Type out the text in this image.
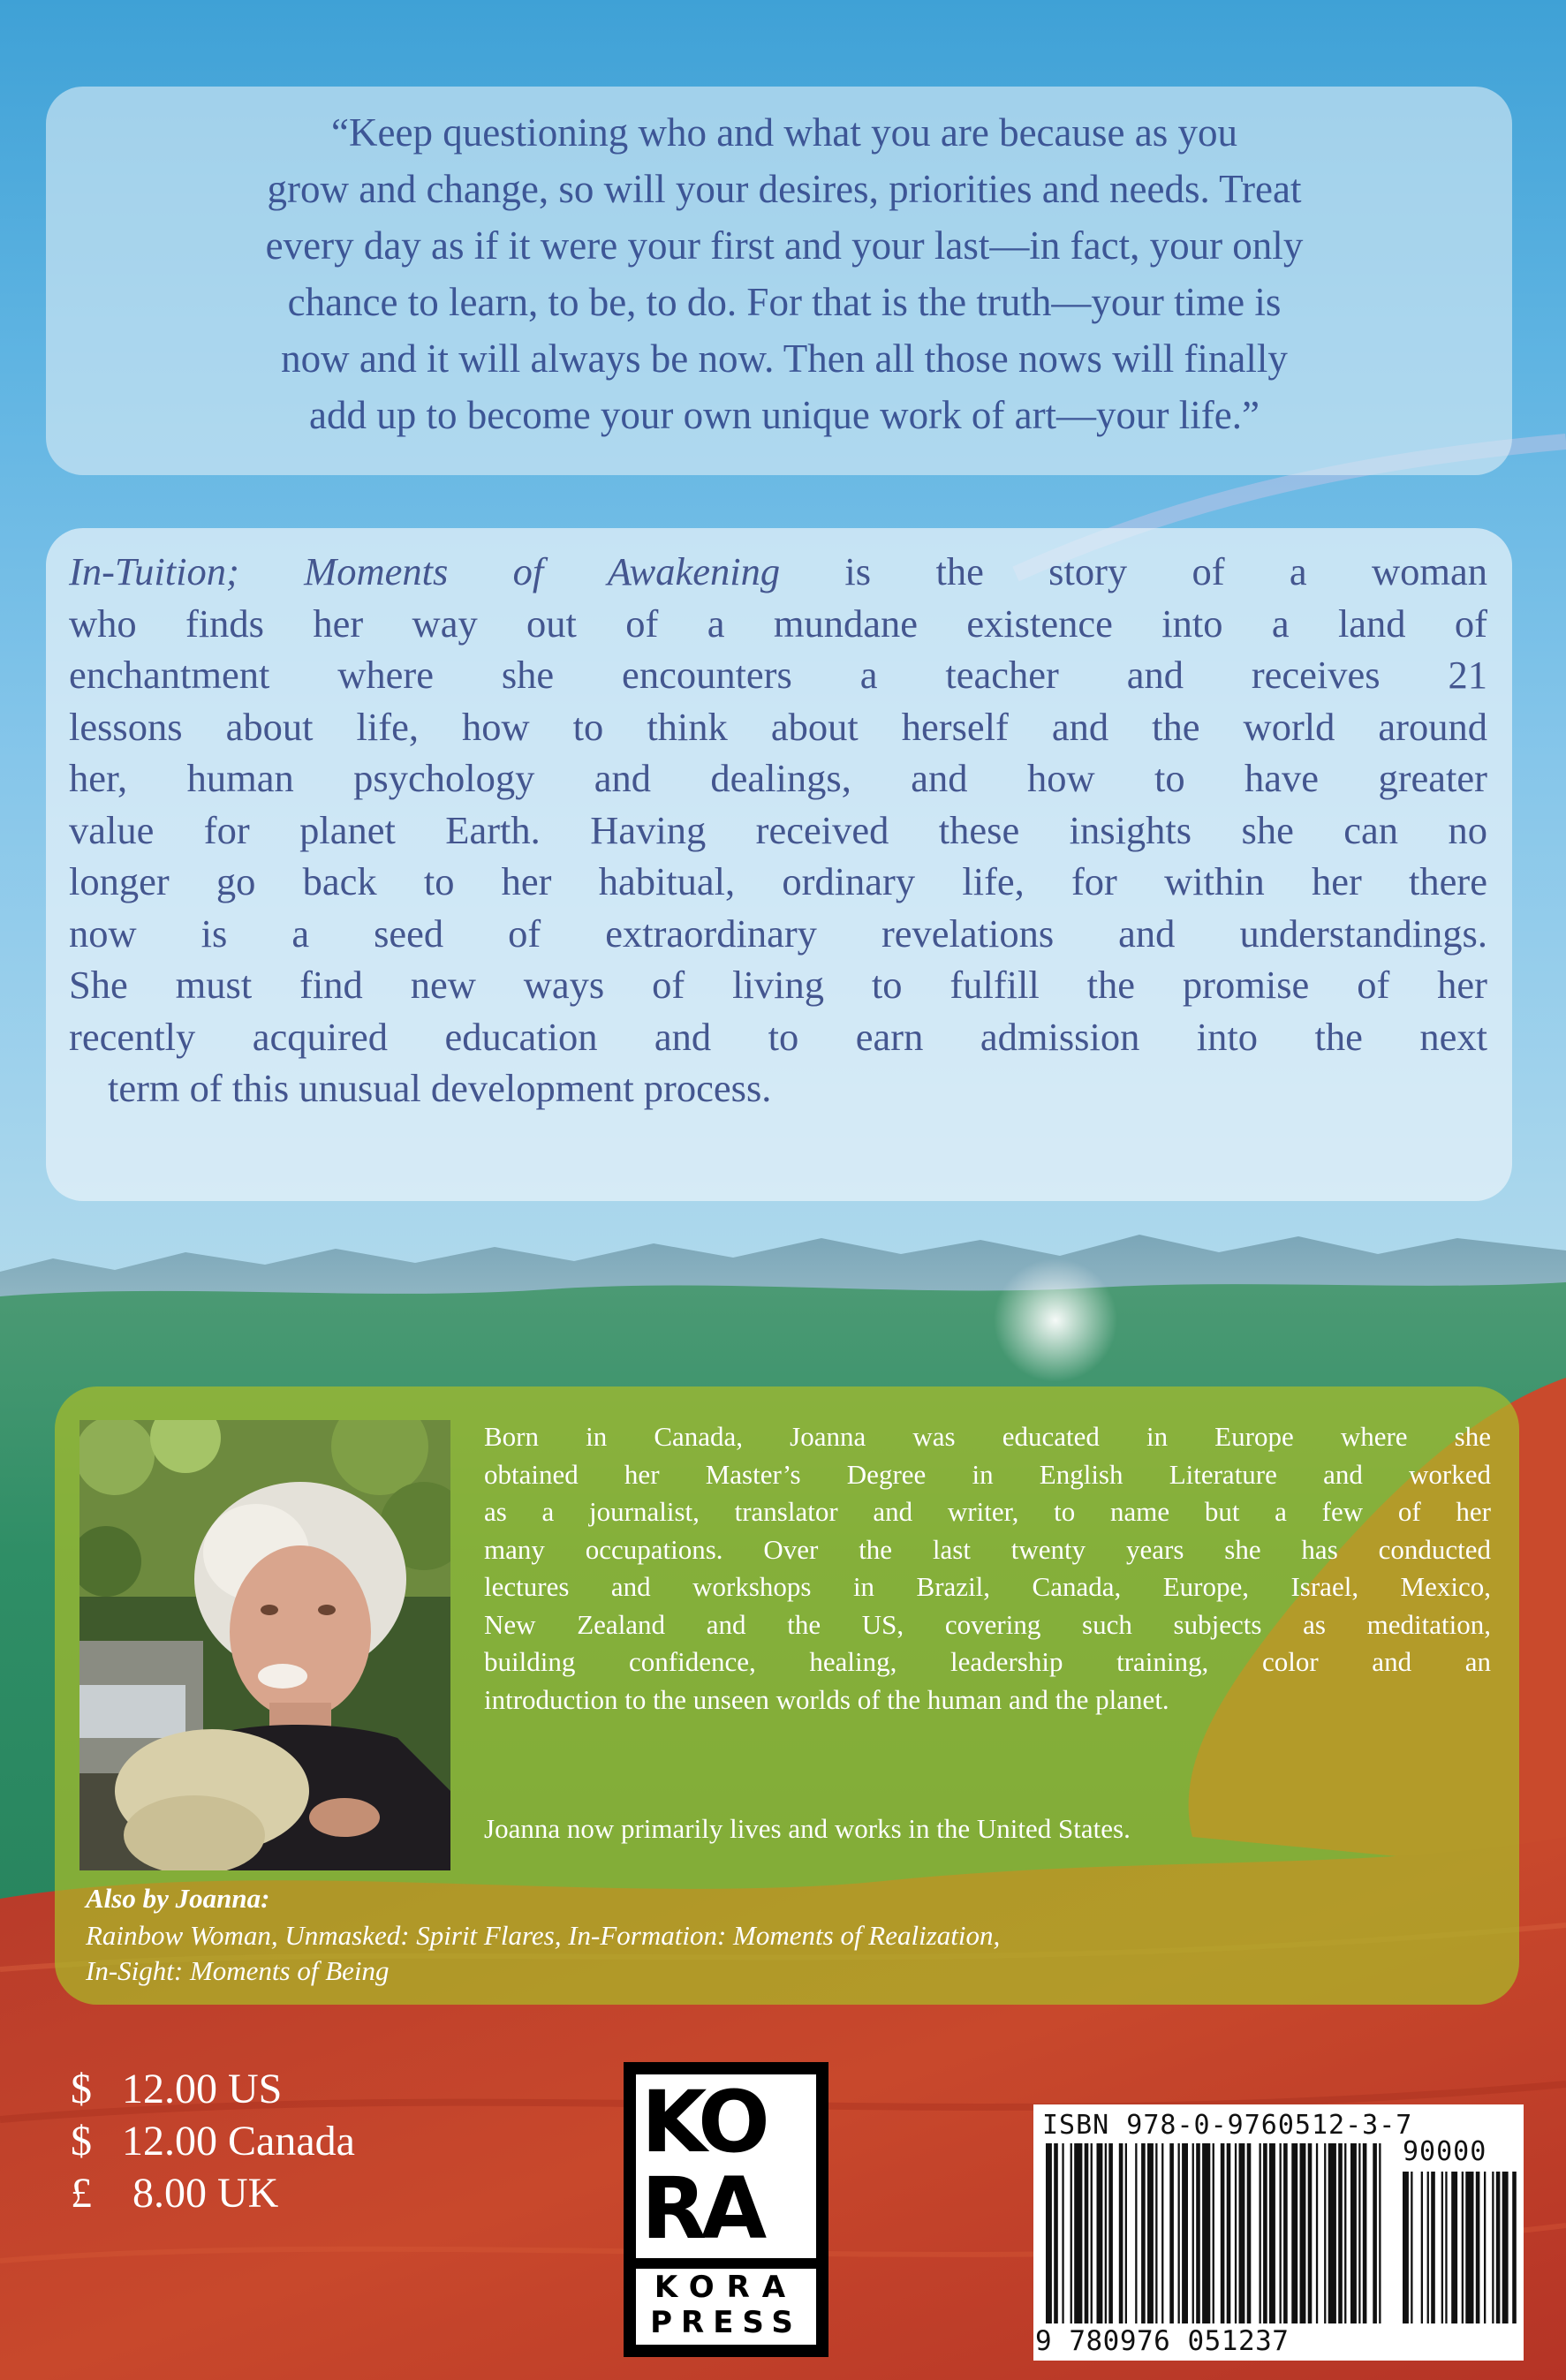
“Keep questioning who and what you are because as you
grow and change, so will your desires, priorities and needs. Treat
every day as if it were your first and your last—in fact, your only
chance to learn, to be, to do. For that is the truth—your time is
now and it will always be now. Then all those nows will finally
add up to become your own unique work of art—your life.”

In-Tuition; Moments of Awakening is the story of a woman
who finds her way out of a mundane existence into a land of
enchantment where she encounters a teacher and receives 21
lessons about life, how to think about herself and the world around
her, human psychology and dealings, and how to have greater
value for planet Earth. Having received these insights she can no
longer go back to her habitual, ordinary life, for within her there
now is a seed of extraordinary revelations and understandings.
She must find new ways of living to fulfill the promise of her
recently acquired education and to earn admission into the next
term of this unusual development process.

Born in Canada, Joanna was educated in Europe where she
obtained her Master’s Degree in English Literature and worked
as a journalist, translator and writer, to name but a few of her
many occupations. Over the last twenty years she has conducted
lectures and workshops in Brazil, Canada, Europe, Israel, Mexico,
New Zealand and the US, covering such subjects as meditation,
building confidence, healing, leadership training, color and an
introduction to the unseen worlds of the human and the planet.

Joanna now primarily lives and works in the United States.
Also by Joanna:

Rainbow Woman, Unmasked: Spirit Flares, In-Formation: Moments of Realization,
In-Sight: Moments of Being

$ 12.00 US
$ 12.00 Canada
£ 8.00 UK
KO
RA
KORA
PRESS
ISBN 978-0-9760512-3-7
90000
9 780976 051237
